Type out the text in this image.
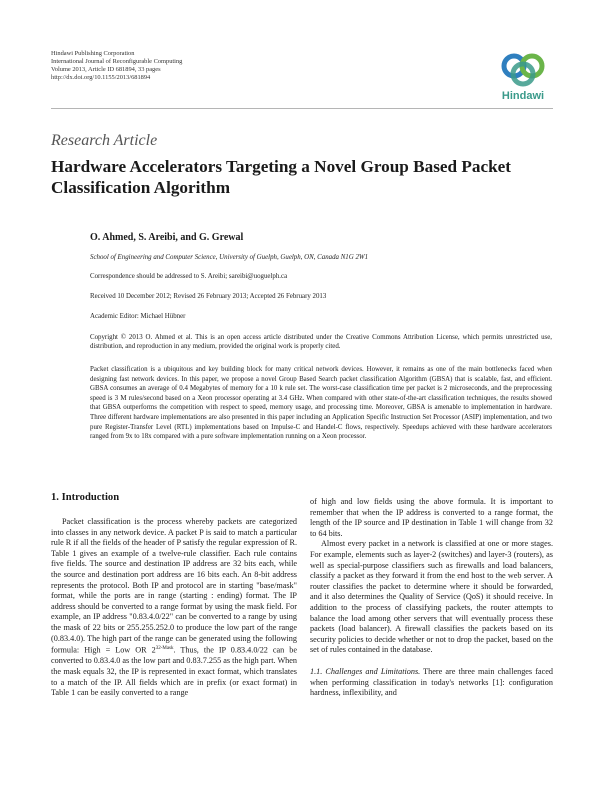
Hindawi Publishing Corporation
International Journal of Reconfigurable Computing
Volume 2013, Article ID 681894, 33 pages
http://dx.doi.org/10.1155/2013/681894
Hindawi
Research Article
Hardware Accelerators Targeting a Novel Group Based Packet Classification Algorithm
O. Ahmed, S. Areibi, and G. Grewal
School of Engineering and Computer Science, University of Guelph, Guelph, ON, Canada N1G 2W1
Correspondence should be addressed to S. Areibi; sareibi@uoguelph.ca
Received 10 December 2012; Revised 26 February 2013; Accepted 26 February 2013
Academic Editor: Michael Hübner
Copyright © 2013 O. Ahmed et al. This is an open access article distributed under the Creative Commons Attribution License, which permits unrestricted use, distribution, and reproduction in any medium, provided the original work is properly cited.
Packet classification is a ubiquitous and key building block for many critical network devices. However, it remains as one of the main bottlenecks faced when designing fast network devices. In this paper, we propose a novel Group Based Search packet classification Algorithm (GBSA) that is scalable, fast, and efficient. GBSA consumes an average of 0.4 Megabytes of memory for a 10 k rule set. The worst-case classification time per packet is 2 microseconds, and the preprocessing speed is 3 M rules/second based on a Xeon processor operating at 3.4 GHz. When compared with other state-of-the-art classification techniques, the results showed that GBSA outperforms the competition with respect to speed, memory usage, and processing time. Moreover, GBSA is amenable to implementation in hardware. Three different hardware implementations are also presented in this paper including an Application Specific Instruction Set Processor (ASIP) implementation, and two pure Register-Transfer Level (RTL) implementations based on Impulse-C and Handel-C flows, respectively. Speedups achieved with these hardware accelerators ranged from 9x to 18x compared with a pure software implementation running on a Xeon processor.
1. Introduction

Packet classification is the process whereby packets are categorized into classes in any network device. A packet P is said to match a particular rule R if all the fields of the header of P satisfy the regular expression of R. Table 1 gives an example of a twelve-rule classifier. Each rule contains five fields. The source and destination IP address are 32 bits each, while the source and destination port address are 16 bits each. An 8-bit address represents the protocol. Both IP and protocol are in starting "base/mask" format, while the ports are in range (starting : ending) format. The IP address should be converted to a range format by using the mask field. For example, an IP address "0.83.4.0/22" can be converted to a range by using the mask of 22 bits or 255.255.252.0 to produce the low part of the range (0.83.4.0). The high part of the range can be generated using the following formula: High = Low OR $2^{32-Mask}$. Thus, the IP 0.83.4.0/22 can be converted to 0.83.4.0 as the low part and 0.83.7.255 as the high part. When the mask equals 32, the IP is represented in exact format, which translates to a match of the IP. All fields which are in prefix (or exact format) in Table 1 can be easily converted to a range

of high and low fields using the above formula. It is important to remember that when the IP address is converted to a range format, the length of the IP source and IP destination in Table 1 will change from 32 to 64 bits.

Almost every packet in a network is classified at one or more stages. For example, elements such as layer-2 (switches) and layer-3 (routers), as well as special-purpose classifiers such as firewalls and load balancers, classify a packet as they forward it from the end host to the web server. A router classifies the packet to determine where it should be forwarded, and it also determines the Quality of Service (QoS) it should receive. In addition to the process of classifying packets, the router attempts to balance the load among other servers that will eventually process these packets (load balancer). A firewall classifies the packets based on its security policies to decide whether or not to drop the packet, based on the set of rules contained in the database.

1.1. Challenges and Limitations. There are three main challenges faced when performing classification in today's networks [1]: configuration hardness, inflexibility, and
